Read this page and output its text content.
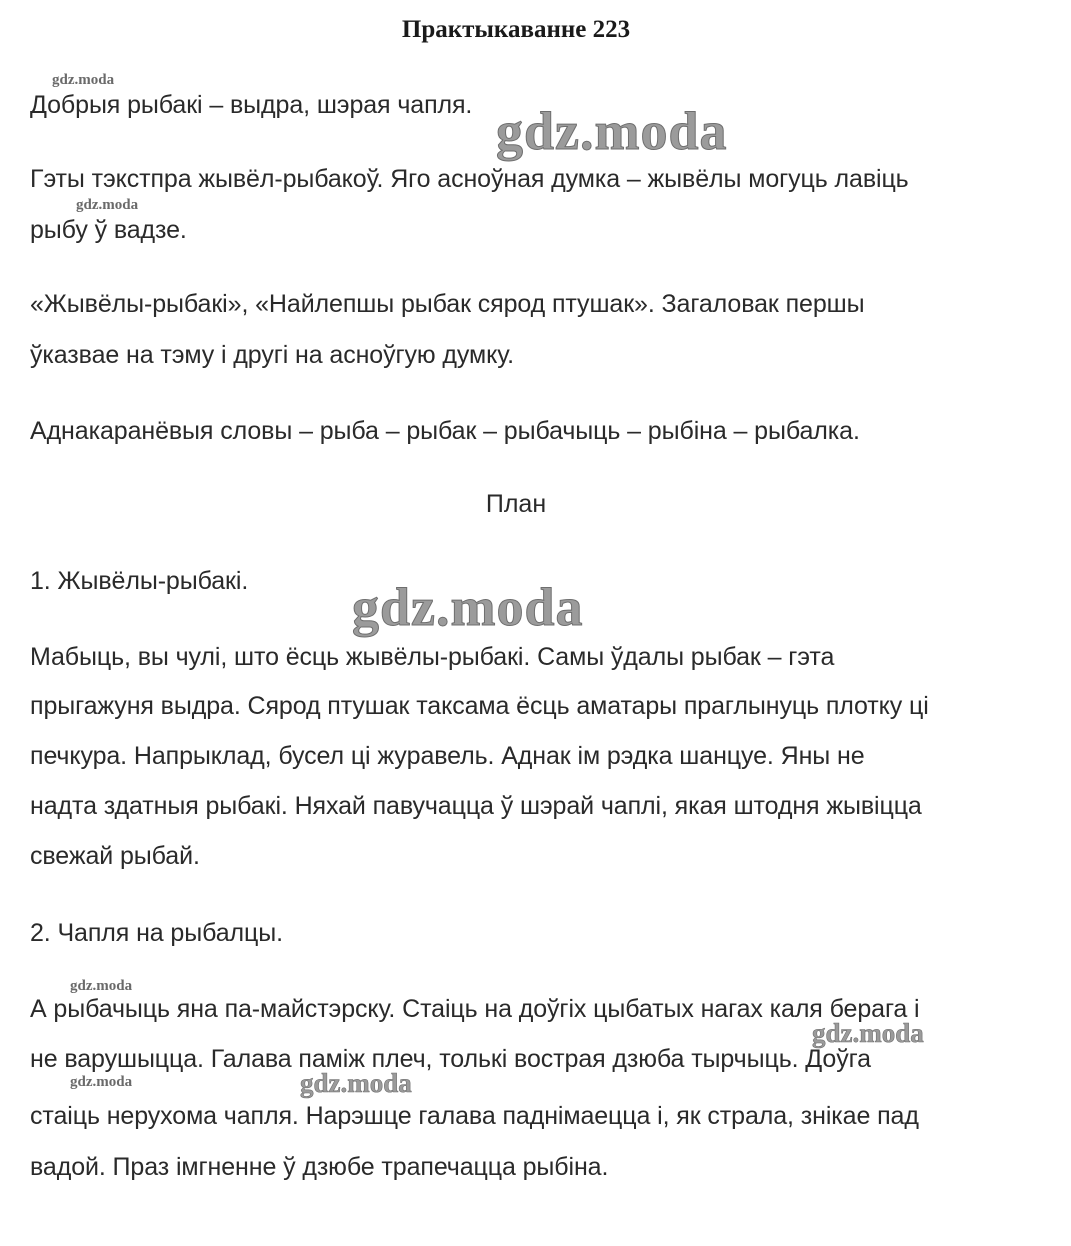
Практыкаванне 223
gdz.moda
Добрыя рыбакі – выдра, шэрая чапля. gdz.moda
Гэты тэкстпра жывёл-рыбакоў. Яго асноўная думка – жывёлы могуць лавіць
gdz.moda
рыбу ў вадзе.
«Жывёлы-рыбакі», «Найлепшы рыбак сярод птушак». Загаловак першы
ўказвае на тэму і другі на асноўгую думку.
Аднакаранёвыя словы – рыба – рыбак – рыбачыць – рыбіна – рыбалка.
План
1. Жывёлы-рыбакі. gdz.moda
Мабыць, вы чулі, што ёсць жывёлы-рыбакі. Самы ўдалы рыбак – гэта
прыгажуня выдра. Сярод птушак таксама ёсць аматары праглынуць плотку ці
печкура. Напрыклад, бусел ці жуpавель. Аднак ім рэдка шанцуе. Яны не
надта здатныя рыбакі. Няхай павучацца ў шэрай чаплі, якая штодня жывіцца
свежай рыбай.
2. Чапля на рыбалцы.
gdz.moda
А рыбачыць яна па-майстэрску. Стаіць на доўгіх цыбатых нагах каля берага і
gdz.moda
не варушыцца. Галава паміж плеч, толькі вострая дзюба тырчыць. Доўга
gdz.moda	gdz.moda
стаіць нерухома чапля. Нарэшце галава паднімаецца і, як страла, знікае пад
вадой. Праз імгненне ў дзюбе трапечацца рыбіна.
